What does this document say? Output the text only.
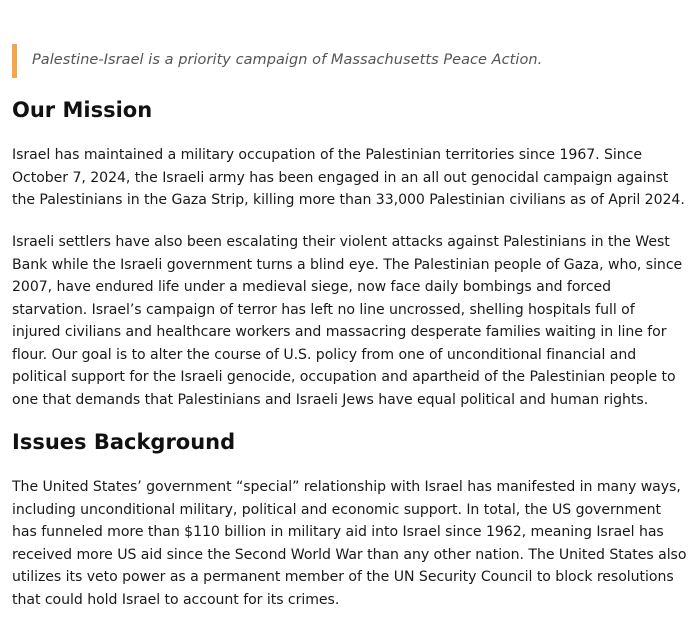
Palestine-Israel is a priority campaign of Massachusetts Peace Action.
Our Mission

Israel has maintained a military occupation of the Palestinian territories since 1967. Since October 7, 2024, the Israeli army has been engaged in an all out genocidal campaign against the Palestinians in the Gaza Strip, killing more than 33,000 Palestinian civilians as of April 2024.

Israeli settlers have also been escalating their violent attacks against Palestinians in the West Bank while the Israeli government turns a blind eye. The Palestinian people of Gaza, who, since 2007, have endured life under a medieval siege, now face daily bombings and forced starvation. Israel’s campaign of terror has left no line uncrossed, shelling hospitals full of injured civilians and healthcare workers and massacring desperate families waiting in line for flour. Our goal is to alter the course of U.S. policy from one of unconditional financial and political support for the Israeli genocide, occupation and apartheid of the Palestinian people to one that demands that Palestinians and Israeli Jews have equal political and human rights.

Issues Background

The United States’ government “special” relationship with Israel has manifested in many ways, including unconditional military, political and economic support. In total, the US government has funneled more than $110 billion in military aid into Israel since 1962, meaning Israel has received more US aid since the Second World War than any other nation. The United States also utilizes its veto power as a permanent member of the UN Security Council to block resolutions that could hold Israel to account for its crimes.
